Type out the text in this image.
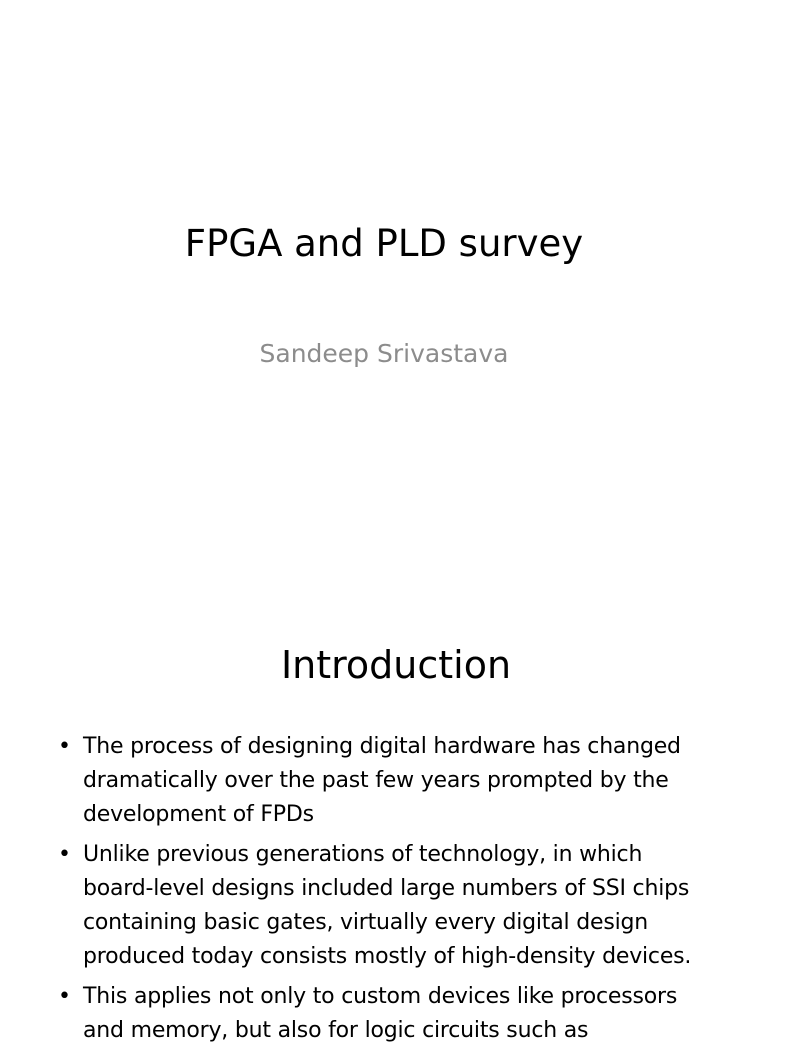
FPGA and PLD survey
Sandeep Srivastava
Introduction
• The process of designing digital hardware has changed
dramatically over the past few years prompted by the
development of FPDs
• Unlike previous generations of technology, in which
board-level designs included large numbers of SSI chips
containing basic gates, virtually every digital design
produced today consists mostly of high-density devices.
• This applies not only to custom devices like processors
and memory, but also for logic circuits such as
